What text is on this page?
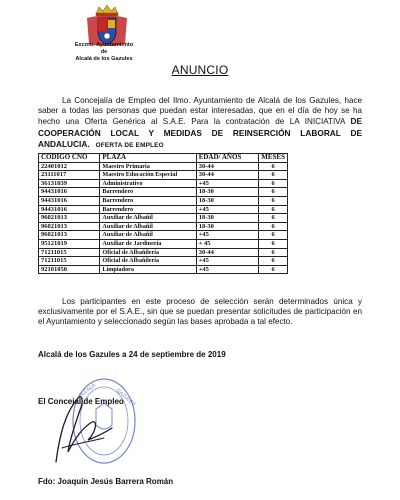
Excmo. Ayuntamiento
de
Alcalá de los Gazules
ANUNCIO
La Concejalía de Empleo del Ilmo. Ayuntamiento de Alcalá de los Gazules, hace saber a todas las personas que puedan estar interesadas, que en el día de hoy se ha hecho una Oferta Genérica al S.A.E. Para la contratación de LA INICIATIVA DE COOPERACIÓN LOCAL Y MEDIDAS DE REINSERCIÓN LABORAL DE ANDALUCIA. OFERTA DE EMPLEO
CODIGO CNO	PLAZA	EDAD/ AÑOS	MESES
22401012	Maestro Primaria	30-44	6
23111017	Maestro Educación Especial	30-44	6
36131039	Administrativo	+45	6
94431016	Barrendero	18-30	6
94431016	Barrendero	18-30	6
94431016	Barrendero	+45	6
96021013	Auxiliar de Albañil	18-30	6
96021013	Auxiliar de Albañil	18-30	6
96021013	Auxiliar de Albañil	+45	6
95121019	Auxiliar de Jardinería	+ 45	6
71211015	Oficial de Albañilería	30-44	6
71211015	Oficial de Albañilería	+45	6
92101050	Limpiadora	+45	6
Los participantes en este proceso de selección serán determinados única y exclusivamente por el S.A.E., sin que se puedan presentar solicitudes de participación en el Ayuntamiento y seleccionado según las bases aprobada a tal efecto.
Alcalá de los Gazules a 24 de septiembre de 2019
ALCALÁ	GAZULES
El Concejal de Empleo
Fdo: Joaquín Jesús Barrera Román
